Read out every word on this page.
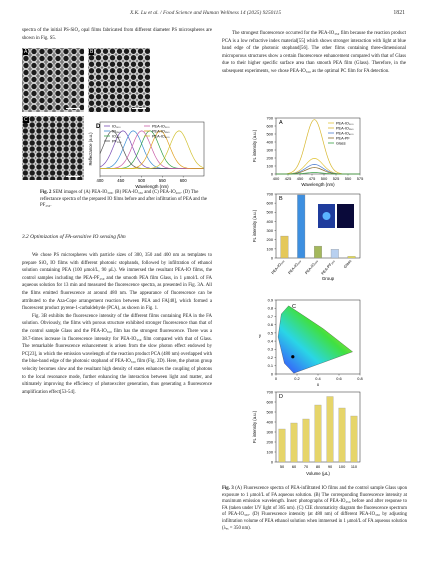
X.K. Lu et al. / Food Science and Human Wellness 14 (2025) 9250115	1821

spectra of the initial PS-SiO₂ opal films fabricated from different diameter PS microspheres are shown in Fig. S5.

A	B
C
D
400	450	500	550	600
Wavelength (nm)
Reflectance (a.u.)
IO₃₀₀
IO₃₅₀
IO₄₀₀
PF₂₅₀
PEA-IO₃₀₀
PEA-IO₃₅₀
PEA-IO₄₀₀
Fig. 2 SEM images of (A) PEA-IO₃₀₀, (B) PEA-IO₃₅₀ and (C) PEA-IO₄₀₀. (D) The reflectance spectra of the prepared IO films before and after infiltration of PEA and the PF₂₅₀.
3.2 Optimization of FA-sensitive IO sensing film

We chose PS microspheres with particle sizes of 300, 350 and 400 nm as templates to prepare SiO₂ IO films with different photonic stopbands, followed by infiltration of ethanol solution containing PEA (100 μmol/L, 90 μL). We immersed the resultant PEA-IO films, the control samples including the PEA-PF₂₅₀ and the smooth PEA film Glass, in 1 μmol/L of FA aqueous solution for 13 min and measured the fluorescence spectra, as presented in Fig. 3A. All the films emitted fluorescence at around 480 nm. The appearance of fluorescence can be attributed to the Aza-Cope arrangement reaction between PEA and FA[48], which formed a fluorescent product pyrene-1-carbaldehyde (PCA), as shown in Fig. 1.

Fig. 3B exhibits the fluorescence intensity of the different films containing PEA in the FA solution. Obviously, the films with porous structure exhibited stronger fluorescence than that of the control sample Glass and the PEA-IO₃₅₀ film has the strongest fluorescence. There was a 38.7-times increase in fluorescence intensity for PEA-IO₃₅₀ film compared with that of Glass. The remarkable fluorescence enhancement is arisen from the slow photon effect endowed by PC[23], in which the emission wavelength of the reaction product PCA (480 nm) overlapped with the blue-band edge of the photonic stopband of PEA-IO₃₅₀ film (Fig. 2D). Here, the photon group velocity becomes slow and the resultant high density of states enhances the coupling of photons to the local resonance mode, further enhancing the interaction between light and matter, and ultimately improving the efficiency of photoexciter generation, thus generating a fluorescence amplification effect[53-54].

The strongest fluorescence occurred for the PEA-IO₃₅₀ film because the reaction product PCA is a low refractive index material[55] which shows stronger interaction with light at blue band edge of the photonic stopband[56]. The other films containing three-dimensional microporous structures show a certain fluorescence enhancement compared with that of Glass due to their higher specific surface area than smooth PEA film (Glass). Therefore, in the subsequent experiments, we chose PEA-IO₃₅₀ as the optimal PC film for FA detection.

A
0
100
200
300
400
500
600
700
400 425 450 475 500 525 550 575
Wavelength (nm)
FL intensity (a.u.)
PEA-IO₃₀₀
PEA-IO₃₅₀
PEA-IO₄₀₀
PEA-PF
Glass
B
0
100
200
300
400
500
600
700
FL intensity (a.u.)
PEA-IO₃₀₀ PEA-IO₃₅₀ PEA-IO₄₀₀ PEA-PF₂₅₀ Glass
Group
C
0
0.1
0.2
0.3
0.4
0.5
0.6
0.7
0.8
0.9
0	0.2	0.4	0.6	0.8
x
y
D
0
100
200
300
400
500
600
700
FL intensity (a.u.)
50 60 70 80 90 100 110
Volume (μL)
Fig. 3 (A) Fluorescence spectra of PEA-infiltrated IO films and the control sample Glass upon exposure to 1 μmol/L of FA aqueous solution. (B) The corresponding fluorescence intensity at maximum emission wavelength. Inset: photographs of PEA-IO₃₅₀ before and after response to FA (taken under UV light of 365 nm). (C) CIE chromaticity diagram the fluorescence spectrum of PEA-IO₃₅₀. (D) Fluorescence intensity (at 480 nm) of different PEA-IO₃₅₀ by adjusting infiltration volume of PEA ethanol solution when immersed in 1 μmol/L of FA aqueous solution (λₑₓ = 350 nm).
